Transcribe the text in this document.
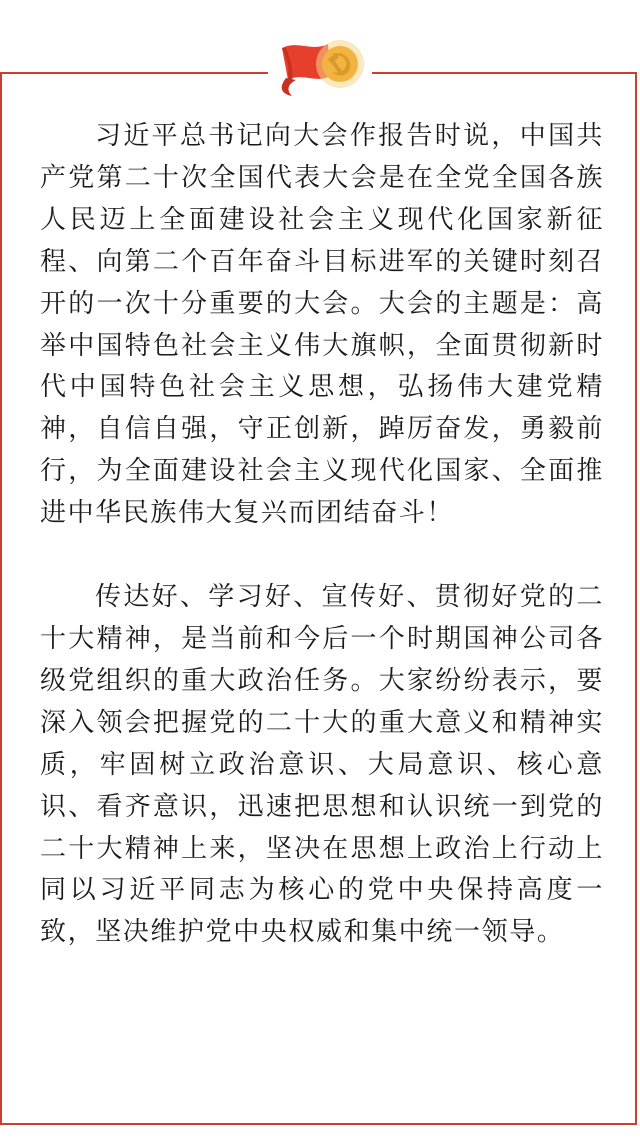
习近平总书记向大会作报告时说，中国共产党第二十次全国代表大会是在全党全国各族人民迈上全面建设社会主义现代化国家新征程、向第二个百年奋斗目标进军的关键时刻召开的一次十分重要的大会。大会的主题是：高举中国特色社会主义伟大旗帜，全面贯彻新时代中国特色社会主义思想，弘扬伟大建党精神，自信自强，守正创新，踔厉奋发，勇毅前行，为全面建设社会主义现代化国家、全面推进中华民族伟大复兴而团结奋斗！

传达好、学习好、宣传好、贯彻好党的二十大精神，是当前和今后一个时期国神公司各级党组织的重大政治任务。大家纷纷表示，要深入领会把握党的二十大的重大意义和精神实质，牢固树立政治意识、大局意识、核心意识、看齐意识，迅速把思想和认识统一到党的二十大精神上来，坚决在思想上政治上行动上同以习近平同志为核心的党中央保持高度一致，坚决维护党中央权威和集中统一领导。
